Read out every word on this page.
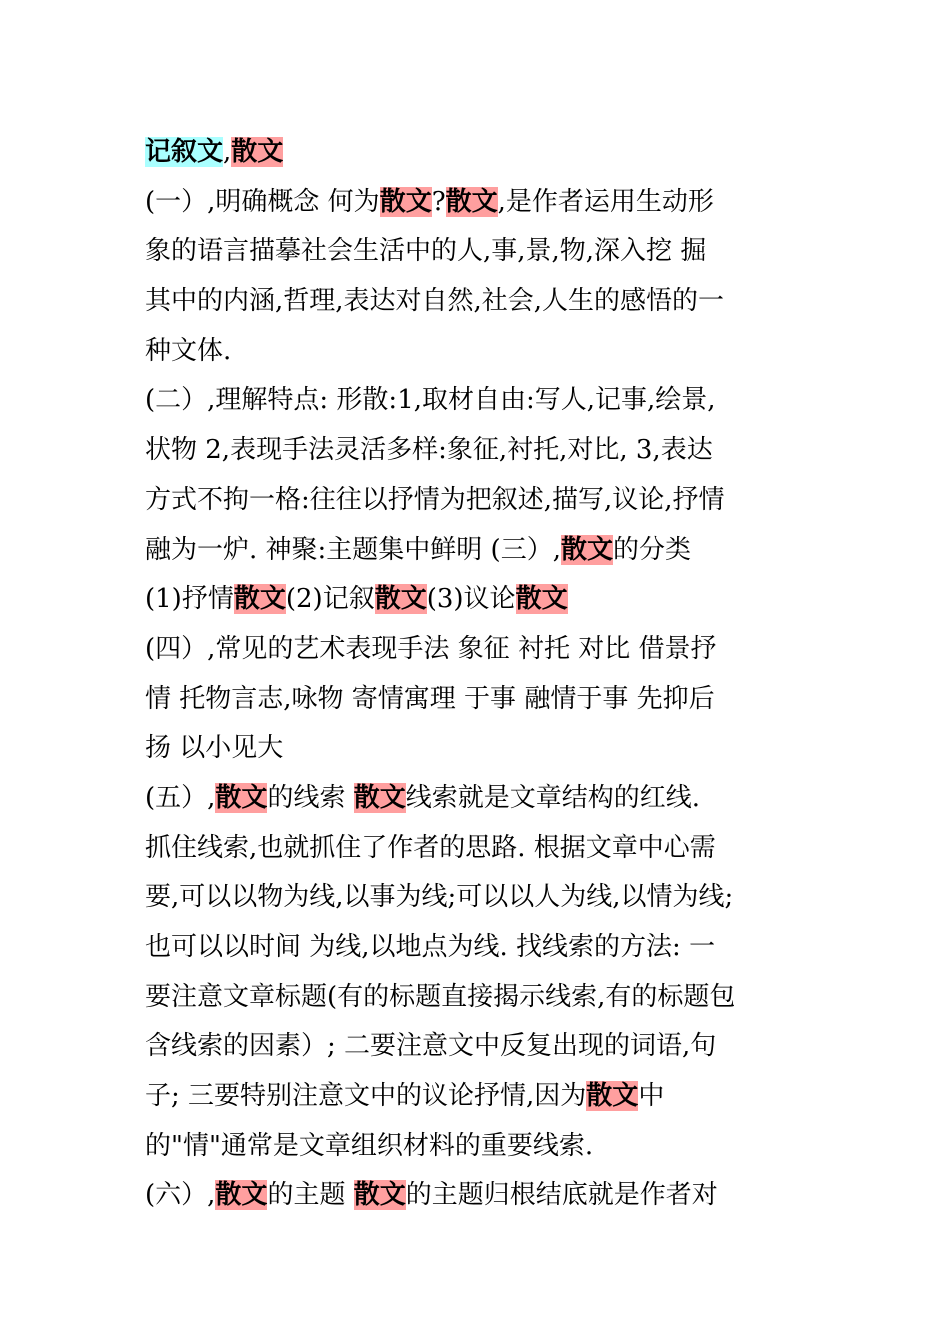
记叙文,散文
(一）,明确概念 何为散文?散文,是作者运用生动形
象的语言描摹社会生活中的人,事,景,物,深入挖 掘
其中的内涵,哲理,表达对自然,社会,人生的感悟的一
种文体.
(二）,理解特点: 形散:1,取材自由:写人,记事,绘景,
状物 2,表现手法灵活多样:象征,衬托,对比, 3,表达
方式不拘一格:往往以抒情为把叙述,描写,议论,抒情
融为一炉. 神聚:主题集中鲜明 (三）,散文的分类
(1)抒情散文(2)记叙散文(3)议论散文
(四）,常见的艺术表现手法 象征 衬托 对比 借景抒
情 托物言志,咏物 寄情寓理 于事 融情于事 先抑后
扬 以小见大
(五）,散文的线索 散文线索就是文章结构的红线.
抓住线索,也就抓住了作者的思路. 根据文章中心需
要,可以以物为线,以事为线;可以以人为线,以情为线;
也可以以时间 为线,以地点为线. 找线索的方法: 一
要注意文章标题(有的标题直接揭示线索,有的标题包
含线索的因素）; 二要注意文中反复出现的词语,句
子; 三要特别注意文中的议论抒情,因为散文中
的"情"通常是文章组织材料的重要线索.
(六）,散文的主题 散文的主题归根结底就是作者对
